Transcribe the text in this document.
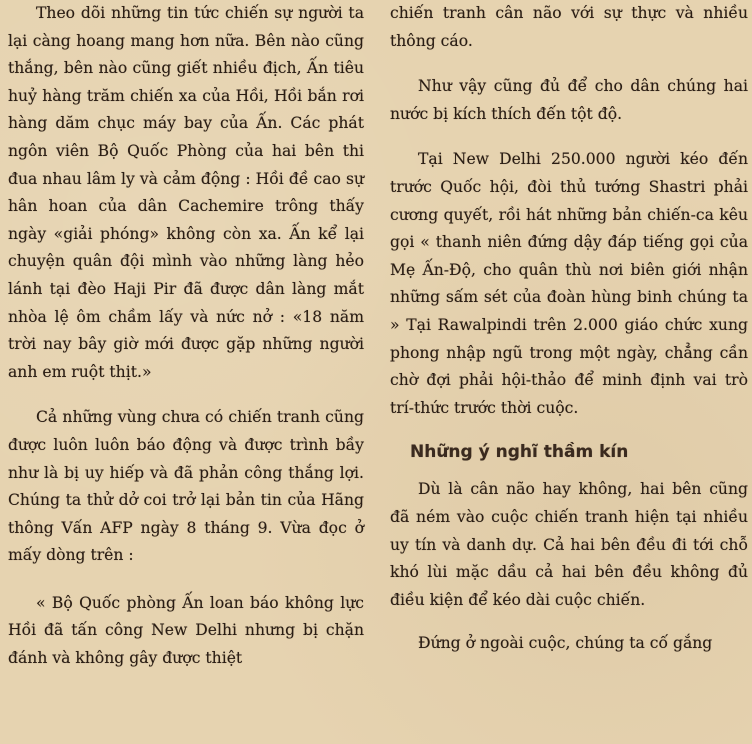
Theo dõi những tin tức chiến sự người ta lại càng hoang mang hơn nữa. Bên nào cũng thắng, bên nào cũng giết nhiều địch, Ấn tiêu huỷ hàng trăm chiến xa của Hồi, Hồi bắn rơi hàng dăm chục máy bay của Ấn. Các phát ngôn viên Bộ Quốc Phòng của hai bên thi đua nhau lâm ly và cảm động : Hồi đề cao sự hân hoan của dân Cachemire trông thấy ngày «giải phóng» không còn xa. Ấn kể lại chuyện quân đội mình vào những làng hẻo lánh tại đèo Haji Pir đã được dân làng mắt nhòa lệ ôm chầm lấy và nức nở : «18 năm trời nay bây giờ mới được gặp những người anh em ruột thịt.»

Cả những vùng chưa có chiến tranh cũng được luôn luôn báo động và được trình bầy như là bị uy hiếp và đã phản công thắng lợi. Chúng ta thử dở coi trở lại bản tin của Hãng thông Vấn AFP ngày 8 tháng 9. Vừa đọc ở mấy dòng trên :

« Bộ Quốc phòng Ấn loan báo không lực Hồi đã tấn công New Delhi nhưng bị chặn đánh và không gây được thiệt

chiến tranh cân não với sự thực và nhiều thông cáo.

Như vậy cũng đủ để cho dân chúng hai nước bị kích thích đến tột độ.

Tại New Delhi 250.000 người kéo đến trước Quốc hội, đòi thủ tướng Shastri phải cương quyết, rồi hát những bản chiến-ca kêu gọi « thanh niên đứng dậy đáp tiếng gọi của Mẹ Ấn-Độ, cho quân thù nơi biên giới nhận những sấm sét của đoàn hùng binh chúng ta » Tại Rawalpindi trên 2.000 giáo chức xung phong nhập ngũ trong một ngày, chẳng cần chờ đợi phải hội-thảo để minh định vai trò trí-thức trước thời cuộc.

Những ý nghĩ thầm kín

Dù là cân não hay không, hai bên cũng đã ném vào cuộc chiến tranh hiện tại nhiều uy tín và danh dự. Cả hai bên đều đi tới chỗ khó lùi mặc dầu cả hai bên đều không đủ điều kiện để kéo dài cuộc chiến.

Đứng ở ngoài cuộc, chúng ta cố gắng
